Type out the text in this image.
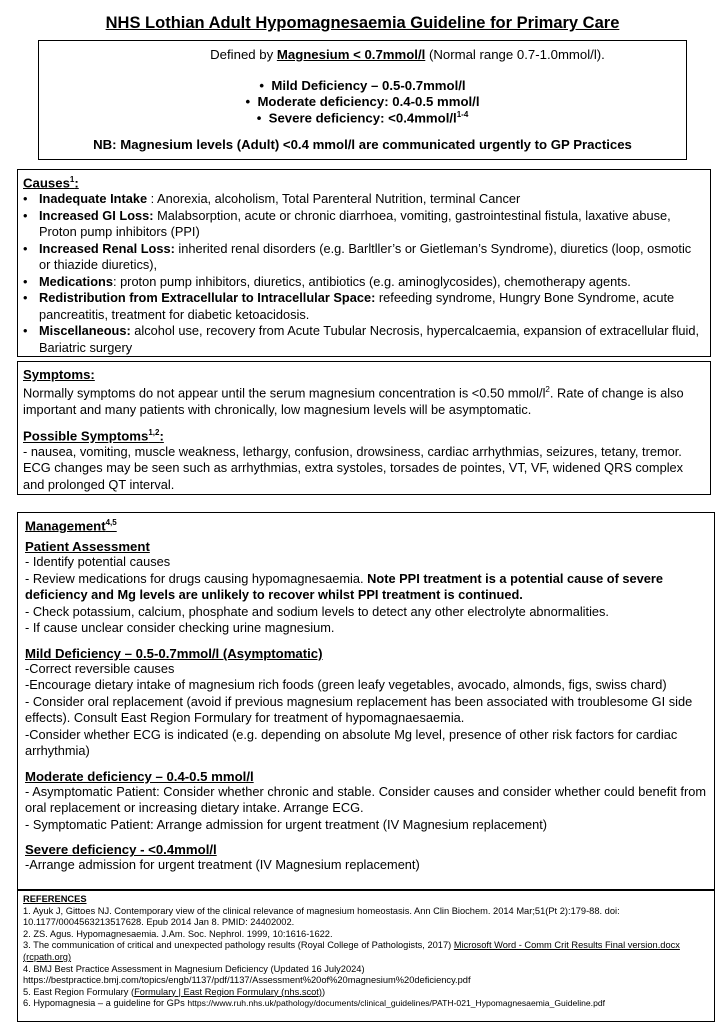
NHS Lothian Adult Hypomagnesaemia Guideline for Primary Care
Defined by Magnesium < 0.7mmol/l (Normal range 0.7-1.0mmol/l).
•  Mild Deficiency – 0.5-0.7mmol/l
•  Moderate deficiency: 0.4-0.5 mmol/l
•  Severe deficiency: $<0.4mmol/l^{1-4}$
NB: Magnesium levels (Adult) <0.4 mmol/l are communicated urgently to GP Practices
Causes$^1$:
• Inadequate Intake : Anorexia, alcoholism, Total Parenteral Nutrition, terminal Cancer
• Increased GI Loss: Malabsorption, acute or chronic diarrhoea, vomiting, gastrointestinal fistula, laxative abuse, Proton pump inhibitors (PPI)
• Increased Renal Loss: inherited renal disorders (e.g. Barltller’s or Gietleman’s Syndrome), diuretics (loop, osmotic or thiazide diuretics),
• Medications: proton pump inhibitors, diuretics, antibiotics (e.g. aminoglycosides), chemotherapy agents.
• Redistribution from Extracellular to Intracellular Space: refeeding syndrome, Hungry Bone Syndrome, acute pancreatitis, treatment for diabetic ketoacidosis.
• Miscellaneous: alcohol use, recovery from Acute Tubular Necrosis, hypercalcaemia, expansion of extracellular fluid, Bariatric surgery
Symptoms:
Normally symptoms do not appear until the serum magnesium concentration is <0.50 mmol/$l^2$. Rate of change is also important and many patients with chronically, low magnesium levels will be asymptomatic.
Possible Symptoms$^{1,2}$:
- nausea, vomiting, muscle weakness, lethargy, confusion, drowsiness, cardiac arrhythmias, seizures, tetany, tremor. ECG changes may be seen such as arrhythmias, extra systoles, torsades de pointes, VT, VF, widened QRS complex and prolonged QT interval.
Management$^{4,5}$
Patient Assessment
- Identify potential causes
- Review medications for drugs causing hypomagnesaemia. Note PPI treatment is a potential cause of severe deficiency and Mg levels are unlikely to recover whilst PPI treatment is continued.
- Check potassium, calcium, phosphate and sodium levels to detect any other electrolyte abnormalities.
- If cause unclear consider checking urine magnesium.
Mild Deficiency – 0.5-0.7mmol/l (Asymptomatic)
-Correct reversible causes
-Encourage dietary intake of magnesium rich foods (green leafy vegetables, avocado, almonds, figs, swiss chard)
- Consider oral replacement (avoid if previous magnesium replacement has been associated with troublesome GI side effects). Consult East Region Formulary for treatment of hypomagnaesaemia.
-Consider whether ECG is indicated (e.g. depending on absolute Mg level, presence of other risk factors for cardiac arrhythmia)
Moderate deficiency – 0.4-0.5 mmol/l
- Asymptomatic Patient: Consider whether chronic and stable. Consider causes and consider whether could benefit from oral replacement or increasing dietary intake. Arrange ECG.
- Symptomatic Patient: Arrange admission for urgent treatment (IV Magnesium replacement)
Severe deficiency - <0.4mmol/l
-Arrange admission for urgent treatment (IV Magnesium replacement)
REFERENCES
1. Ayuk J, Gittoes NJ. Contemporary view of the clinical relevance of magnesium homeostasis. Ann Clin Biochem. 2014 Mar;51(Pt 2):179-88. doi: 10.1177/0004563213517628. Epub 2014 Jan 8. PMID: 24402002.
2. ZS. Agus. Hypomagnesaemia. J.Am. Soc. Nephrol. 1999, 10:1616-1622.
3. The communication of critical and unexpected pathology results (Royal College of Pathologists, 2017) Microsoft Word - Comm Crit Results Final version.docx (rcpath.org)
4. BMJ Best Practice Assessment in Magnesium Deficiency (Updated 16 July2024)
https://bestpractice.bmj.com/topics/engb/1137/pdf/1137/Assessment%20of%20magnesium%20deficiency.pdf
5. East Region Formulary (Formulary | East Region Formulary (nhs.scot))
6. Hypomagnesia – a guideline for GPs https://www.ruh.nhs.uk/pathology/documents/clinical_guidelines/PATH-021_Hypomagnesaemia_Guideline.pdf
